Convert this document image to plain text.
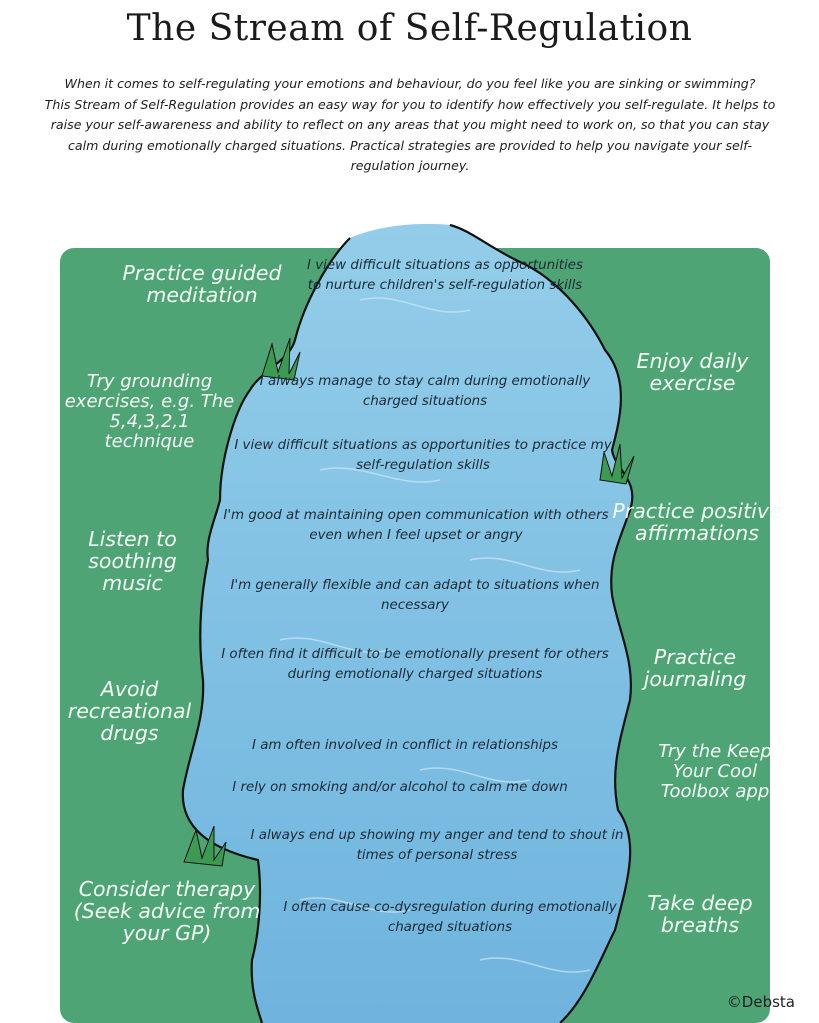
The Stream of Self-Regulation

When it comes to self-regulating your emotions and behaviour, do you feel like you are sinking or swimming?

This Stream of Self-Regulation provides an easy way for you to identify how effectively you self-regulate. It helps to raise your self-awareness and ability to reflect on any areas that you might need to work on, so that you can stay calm during emotionally charged situations. Practical strategies are provided to help you navigate your self-regulation journey.

Practice guided meditation
Try grounding exercises, e.g. The 5,4,3,2,1 technique
Listen to soothing music
Avoid recreational drugs
Consider therapy (Seek advice from your GP)
Enjoy daily exercise
Practice positive affirmations
Practice journaling
Try the Keep Your Cool Toolbox app
Take deep breaths
I view difficult situations as opportunities to nurture children's self-regulation skills
I always manage to stay calm during emotionally charged situations
I view difficult situations as opportunities to practice my self-regulation skills
I'm good at maintaining open communication with others even when I feel upset or angry
I'm generally flexible and can adapt to situations when necessary
I often find it difficult to be emotionally present for others during emotionally charged situations
I am often involved in conflict in relationships
I rely on smoking and/or alcohol to calm me down
I always end up showing my anger and tend to shout in times of personal stress
I often cause co-dysregulation during emotionally charged situations
©Debsta
